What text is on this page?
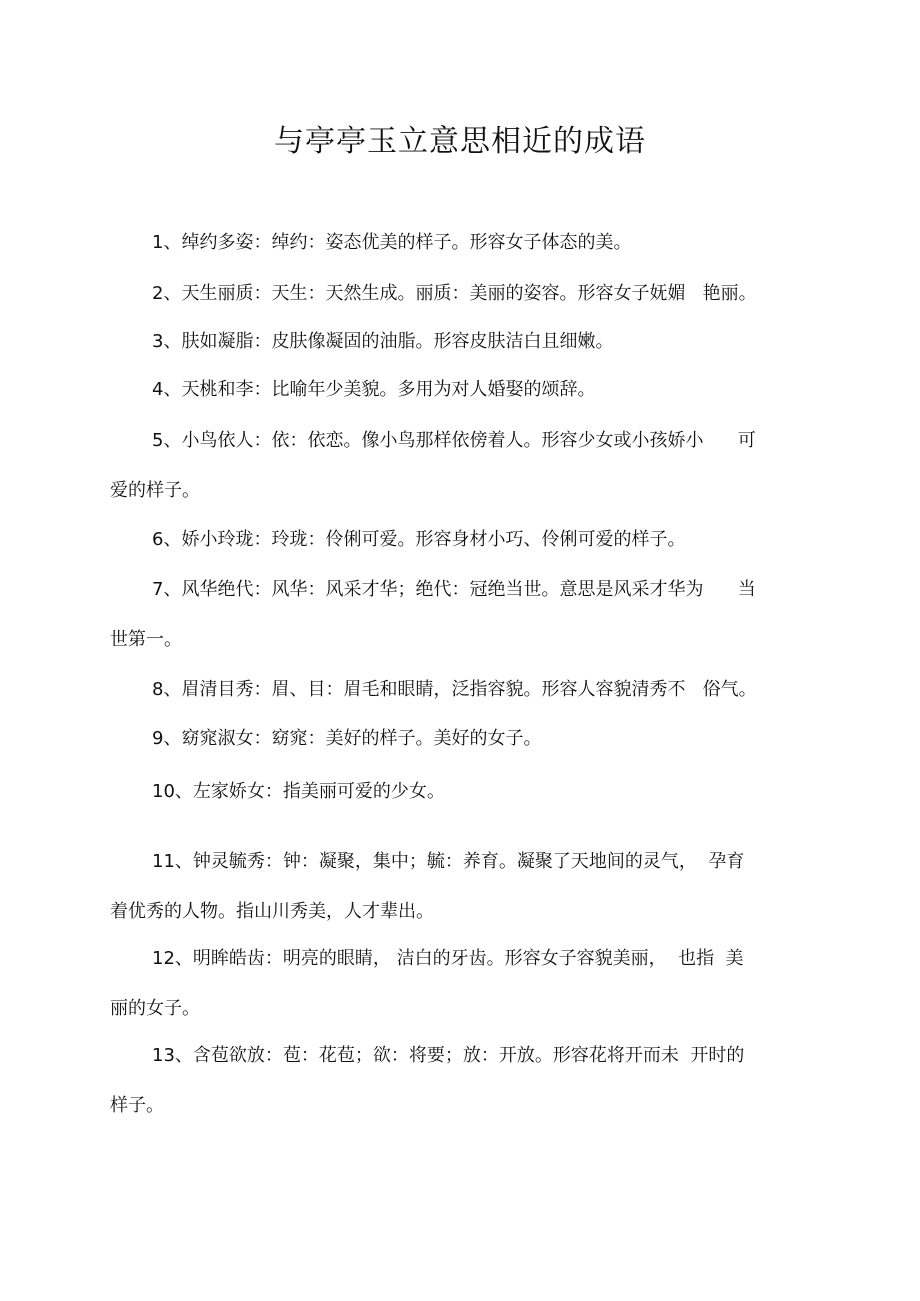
与亭亭玉立意思相近的成语
1、绰约多姿：绰约：姿态优美的样子。形容女子体态的美。
2、天生丽质：天生：天然生成。丽质：美丽的姿容。形容女子妩媚   艳丽。
3、肤如凝脂：皮肤像凝固的油脂。形容皮肤洁白且细嫩。
4、天桃和李：比喻年少美貌。多用为对人婚娶的颂辞。
5、小鸟依人：依：依恋。像小鸟那样依傍着人。形容少女或小孩娇小      可
爱的样子。
6、娇小玲珑：玲珑：伶俐可爱。形容身材小巧、伶俐可爱的样子。
7、风华绝代：风华：风采才华；绝代：冠绝当世。意思是风采才华为      当
世第一。
8、眉清目秀：眉、目：眉毛和眼睛，泛指容貌。形容人容貌清秀不   俗气。
9、窈窕淑女：窈窕：美好的样子。美好的女子。
10、左家娇女：指美丽可爱的少女。
11、钟灵毓秀：钟：凝聚，集中；毓：养育。凝聚了天地间的灵气，  孕育
着优秀的人物。指山川秀美，人才辈出。
12、明眸皓齿：明亮的眼睛， 洁白的牙齿。形容女子容貌美丽，  也指  美
丽的女子。
13、含苞欲放：苞：花苞；欲：将要；放：开放。形容花将开而未  开时的
样子。
